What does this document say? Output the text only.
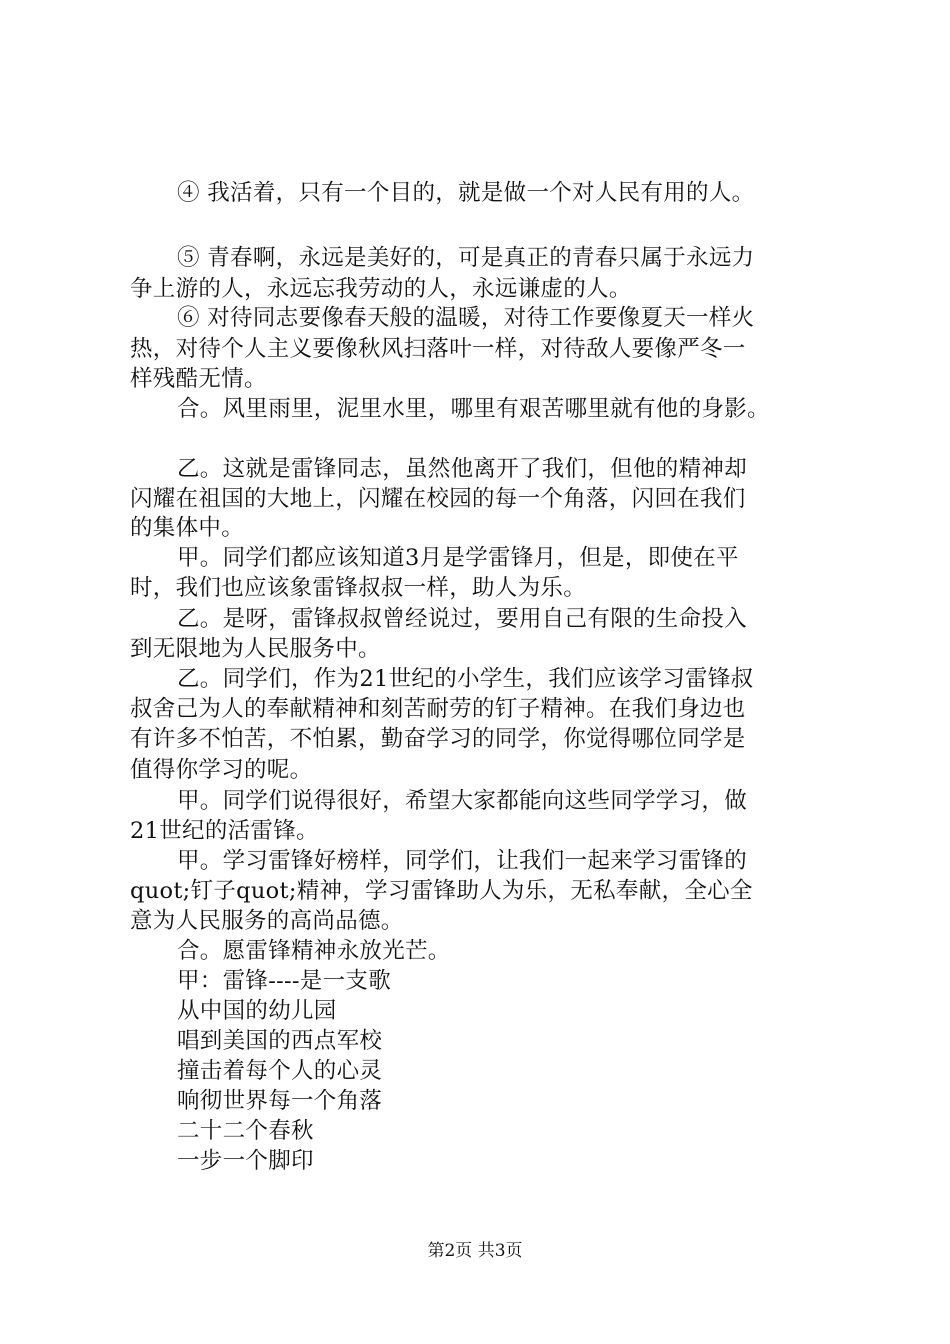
④ 我活着，只有一个目的，就是做一个对人民有用的人。
⑤ 青春啊，永远是美好的，可是真正的青春只属于永远力
争上游的人，永远忘我劳动的人，永远谦虚的人。
⑥ 对待同志要像春天般的温暖，对待工作要像夏天一样火
热，对待个人主义要像秋风扫落叶一样，对待敌人要像严冬一
样残酷无情。
合。风里雨里，泥里水里，哪里有艰苦哪里就有他的身影。
乙。这就是雷锋同志，虽然他离开了我们，但他的精神却
闪耀在祖国的大地上，闪耀在校园的每一个角落，闪回在我们
的集体中。
甲。同学们都应该知道3月是学雷锋月，但是，即使在平
时，我们也应该象雷锋叔叔一样，助人为乐。
乙。是呀，雷锋叔叔曾经说过，要用自己有限的生命投入
到无限地为人民服务中。
乙。同学们，作为21世纪的小学生，我们应该学习雷锋叔
叔舍己为人的奉献精神和刻苦耐劳的钉子精神。在我们身边也
有许多不怕苦，不怕累，勤奋学习的同学，你觉得哪位同学是
值得你学习的呢。
甲。同学们说得很好，希望大家都能向这些同学学习，做
21世纪的活雷锋。
甲。学习雷锋好榜样，同学们，让我们一起来学习雷锋的
quot;钉子quot;精神，学习雷锋助人为乐，无私奉献，全心全
意为人民服务的高尚品德。
合。愿雷锋精神永放光芒。
甲：雷锋----是一支歌
从中国的幼儿园
唱到美国的西点军校
撞击着每个人的心灵
响彻世界每一个角落
二十二个春秋
一步一个脚印
第2页 共3页
